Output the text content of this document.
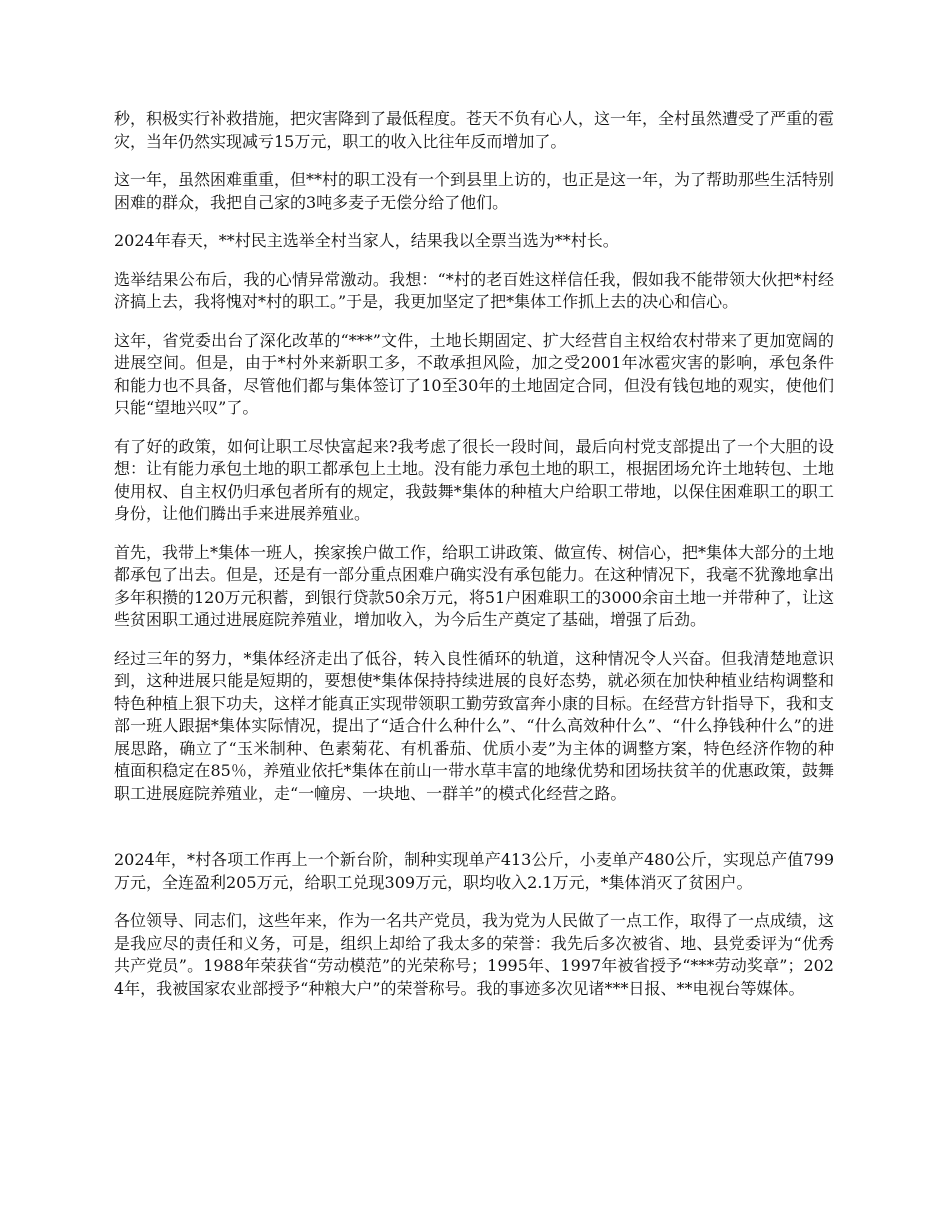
秒，积极实行补救措施，把灾害降到了最低程度。苍天不负有心人，这一年，全村虽然遭受了严重的雹灾，当年仍然实现减亏15万元，职工的收入比往年反而增加了。

这一年，虽然困难重重，但**村的职工没有一个到县里上访的，也正是这一年，为了帮助那些生活特别困难的群众，我把自己家的3吨多麦子无偿分给了他们。

2024年春天，**村民主选举全村当家人，结果我以全票当选为**村长。

选举结果公布后，我的心情异常激动。我想：“*村的老百姓这样信任我，假如我不能带领大伙把*村经济搞上去，我将愧对*村的职工。”于是，我更加坚定了把*集体工作抓上去的决心和信心。

这年，省党委出台了深化改革的“***”文件，土地长期固定、扩大经营自主权给农村带来了更加宽阔的进展空间。但是，由于*村外来新职工多，不敢承担风险，加之受2001年冰雹灾害的影响，承包条件和能力也不具备，尽管他们都与集体签订了10至30年的土地固定合同，但没有钱包地的观实，使他们只能“望地兴叹”了。

有了好的政策，如何让职工尽快富起来?我考虑了很长一段时间，最后向村党支部提出了一个大胆的设想：让有能力承包土地的职工都承包上土地。没有能力承包土地的职工，根据团场允许土地转包、土地使用权、自主权仍归承包者所有的规定，我鼓舞*集体的种植大户给职工带地，以保住困难职工的职工身份，让他们腾出手来进展养殖业。

首先，我带上*集体一班人，挨家挨户做工作，给职工讲政策、做宣传、树信心，把*集体大部分的土地都承包了出去。但是，还是有一部分重点困难户确实没有承包能力。在这种情况下，我毫不犹豫地拿出多年积攒的120万元积蓄，到银行贷款50余万元，将51户困难职工的3000余亩土地一并带种了，让这些贫困职工通过进展庭院养殖业，增加收入，为今后生产奠定了基础，增强了后劲。

经过三年的努力，*集体经济走出了低谷，转入良性循环的轨道，这种情况令人兴奋。但我清楚地意识到，这种进展只能是短期的，要想使*集体保持持续进展的良好态势，就必须在加快种植业结构调整和特色种植上狠下功夫，这样才能真正实现带领职工勤劳致富奔小康的目标。在经营方针指导下，我和支部一班人跟据*集体实际情况，提出了“适合什么种什么”、“什么高效种什么”、“什么挣钱种什么”的进展思路，确立了“玉米制种、色素菊花、有机番茄、优质小麦”为主体的调整方案，特色经济作物的种植面积稳定在85％，养殖业依托*集体在前山一带水草丰富的地缘优势和团场扶贫羊的优惠政策，鼓舞职工进展庭院养殖业，走“一幢房、一块地、一群羊”的模式化经营之路。

2024年，*村各项工作再上一个新台阶，制种实现单产413公斤，小麦单产480公斤，实现总产值799万元，全连盈利205万元，给职工兑现309万元，职均收入2.1万元，*集体消灭了贫困户。

各位领导、同志们，这些年来，作为一名共产党员，我为党为人民做了一点工作，取得了一点成绩，这是我应尽的责任和义务，可是，组织上却给了我太多的荣誉：我先后多次被省、地、县党委评为“优秀共产党员”。1988年荣获省“劳动模范”的光荣称号；1995年、1997年被省授予“***劳动奖章”；2024年，我被国家农业部授予“种粮大户”的荣誉称号。我的事迹多次见诸***日报、**电视台等媒体。
